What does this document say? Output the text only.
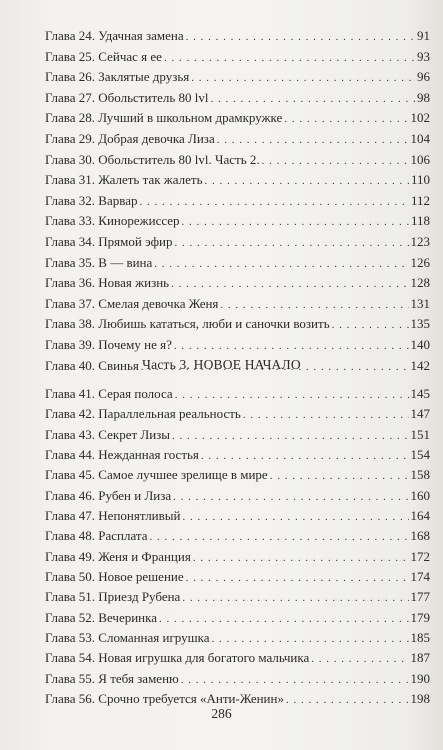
Глава 24. Удачная замена . . .	91
Глава 25. Сейчас я ее . . .	93
Глава 26. Заклятые друзья . . .	96
Глава 27. Обольститель 80 lvl . . .	98
Глава 28. Лучший в школьном драмкружке . . .	102
Глава 29. Добрая девочка Лиза . . .	104
Глава 30. Обольститель 80 lvl. Часть 2. . . .	106
Глава 31. Жалеть так жалеть . . .	110
Глава 32. Варвар . . .	112
Глава 33. Кинорежиссер . . .	118
Глава 34. Прямой эфир . . .	123
Глава 35. В — вина . . .	126
Глава 36. Новая жизнь . . .	128
Глава 37. Смелая девочка Женя . . .	131
Глава 38. Любишь кататься, люби и саночки возить . . .	135
Глава 39. Почему не я? . . .	140
Глава 40. Свинья . . .	142
Часть 3. НОВОЕ НАЧАЛО
Глава 41. Серая полоса . . .	145
Глава 42. Параллельная реальность . . .	147
Глава 43. Секрет Лизы . . .	151
Глава 44. Нежданная гостья . . .	154
Глава 45. Самое лучшее зрелище в мире . . .	158
Глава 46. Рубен и Лиза . . .	160
Глава 47. Непонятливый . . .	164
Глава 48. Расплата . . .	168
Глава 49. Женя и Франция . . .	172
Глава 50. Новое решение . . .	174
Глава 51. Приезд Рубена . . .	177
Глава 52. Вечеринка . . .	179
Глава 53. Сломанная игрушка . . .	185
Глава 54. Новая игрушка для богатого мальчика . . .	187
Глава 55. Я тебя заменю . . .	190
Глава 56. Срочно требуется «Анти-Женин» . . .	198
286
